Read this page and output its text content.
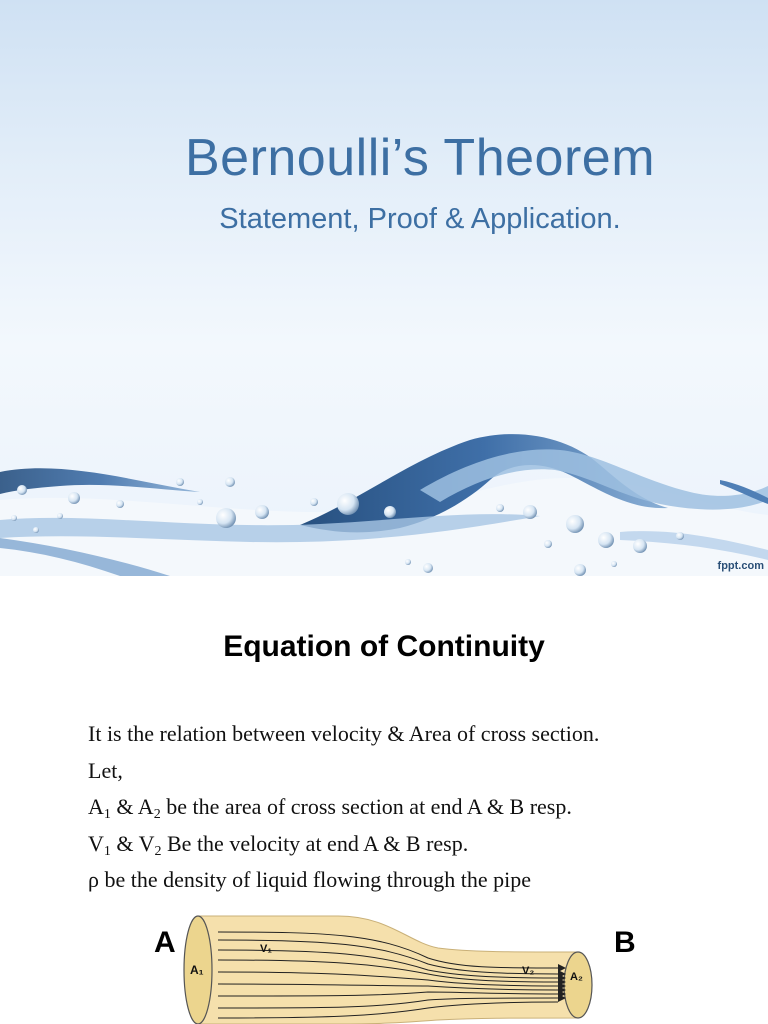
Bernoulli’s Theorem
Statement, Proof & Application.
fppt.com
Equation of Continuity
It is the relation between velocity & Area of cross section.
Let,
$A_1$ & $A_2$ be the area of cross section at end A & B resp.
$V_1$ & $V_2$ Be the velocity at end A & B resp.
ρ be the density of liquid flowing through the pipe
A	B
A₁	A₂
V₁
V₂
